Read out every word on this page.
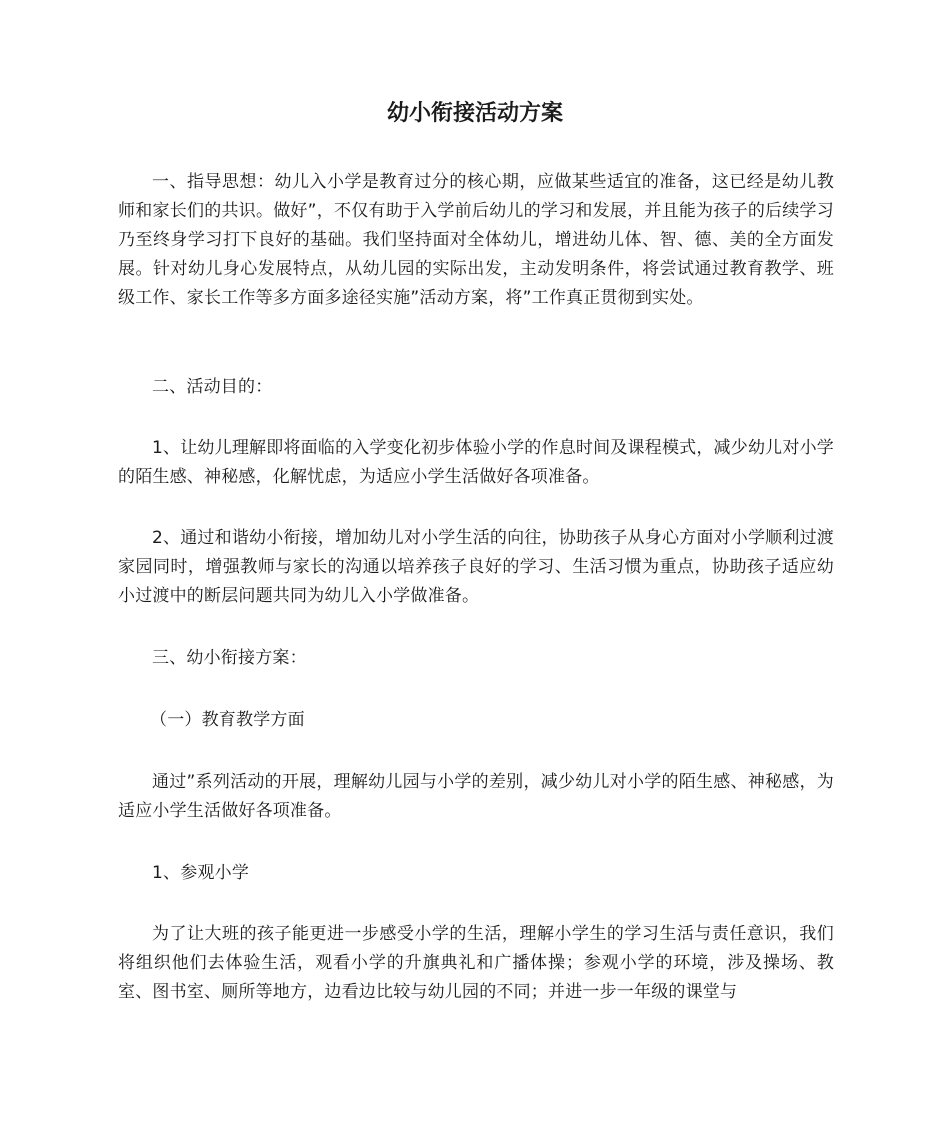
幼小衔接活动方案

一、指导思想：幼儿入小学是教育过分的核心期，应做某些适宜的准备，这已经是幼儿教师和家长们的共识。做好”，不仅有助于入学前后幼儿的学习和发展，并且能为孩子的后续学习乃至终身学习打下良好的基础。我们坚持面对全体幼儿，增进幼儿体、智、德、美的全方面发展。针对幼儿身心发展特点，从幼儿园的实际出发，主动发明条件，将尝试通过教育教学、班级工作、家长工作等多方面多途径实施”活动方案，将”工作真正贯彻到实处。

二、活动目的：

1、让幼儿理解即将面临的入学变化初步体验小学的作息时间及课程模式，减少幼儿对小学的陌生感、神秘感，化解忧虑，为适应小学生活做好各项准备。

2、通过和谐幼小衔接，增加幼儿对小学生活的向往，协助孩子从身心方面对小学顺利过渡家园同时，增强教师与家长的沟通以培养孩子良好的学习、生活习惯为重点，协助孩子适应幼小过渡中的断层问题共同为幼儿入小学做准备。

三、幼小衔接方案：

（一）教育教学方面

通过”系列活动的开展，理解幼儿园与小学的差别，减少幼儿对小学的陌生感、神秘感，为适应小学生活做好各项准备。

1、参观小学

为了让大班的孩子能更进一步感受小学的生活，理解小学生的学习生活与责任意识，我们将组织他们去体验生活，观看小学的升旗典礼和广播体操；参观小学的环境，涉及操场、教室、图书室、厕所等地方，边看边比较与幼儿园的不同；并进一步一年级的课堂与
